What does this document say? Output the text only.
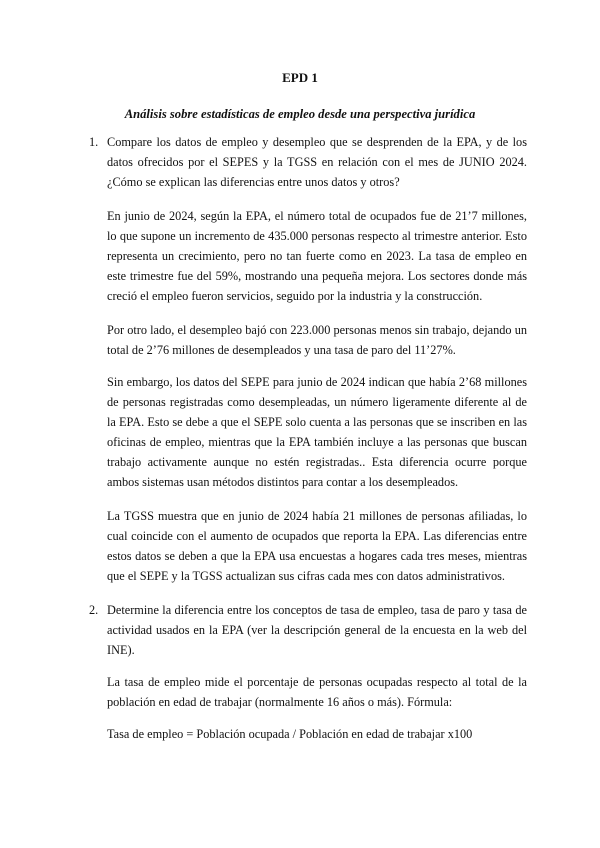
EPD 1
Análisis sobre estadísticas de empleo desde una perspectiva jurídica
1. Compare los datos de empleo y desempleo que se desprenden de la EPA, y de los datos ofrecidos por el SEPES y la TGSS en relación con el mes de JUNIO 2024. ¿Cómo se explican las diferencias entre unos datos y otros?

En junio de 2024, según la EPA, el número total de ocupados fue de 21’7 millones, lo que supone un incremento de 435.000 personas respecto al trimestre anterior. Esto representa un crecimiento, pero no tan fuerte como en 2023. La tasa de empleo en este trimestre fue del 59%, mostrando una pequeña mejora. Los sectores donde más creció el empleo fueron servicios, seguido por la industria y la construcción.

Por otro lado, el desempleo bajó con 223.000 personas menos sin trabajo, dejando un total de 2’76 millones de desempleados y una tasa de paro del 11’27%.

Sin embargo, los datos del SEPE para junio de 2024 indican que había 2’68 millones de personas registradas como desempleadas, un número ligeramente diferente al de la EPA. Esto se debe a que el SEPE solo cuenta a las personas que se inscriben en las oficinas de empleo, mientras que la EPA también incluye a las personas que buscan trabajo activamente aunque no estén registradas.. Esta diferencia ocurre porque ambos sistemas usan métodos distintos para contar a los desempleados.

La TGSS muestra que en junio de 2024 había 21 millones de personas afiliadas, lo cual coincide con el aumento de ocupados que reporta la EPA. Las diferencias entre estos datos se deben a que la EPA usa encuestas a hogares cada tres meses, mientras que el SEPE y la TGSS actualizan sus cifras cada mes con datos administrativos.

2. Determine la diferencia entre los conceptos de tasa de empleo, tasa de paro y tasa de actividad usados en la EPA (ver la descripción general de la encuesta en la web del INE).

La tasa de empleo mide el porcentaje de personas ocupadas respecto al total de la población en edad de trabajar (normalmente 16 años o más). Fórmula:

Tasa de empleo = Población ocupada / Población en edad de trabajar x100
